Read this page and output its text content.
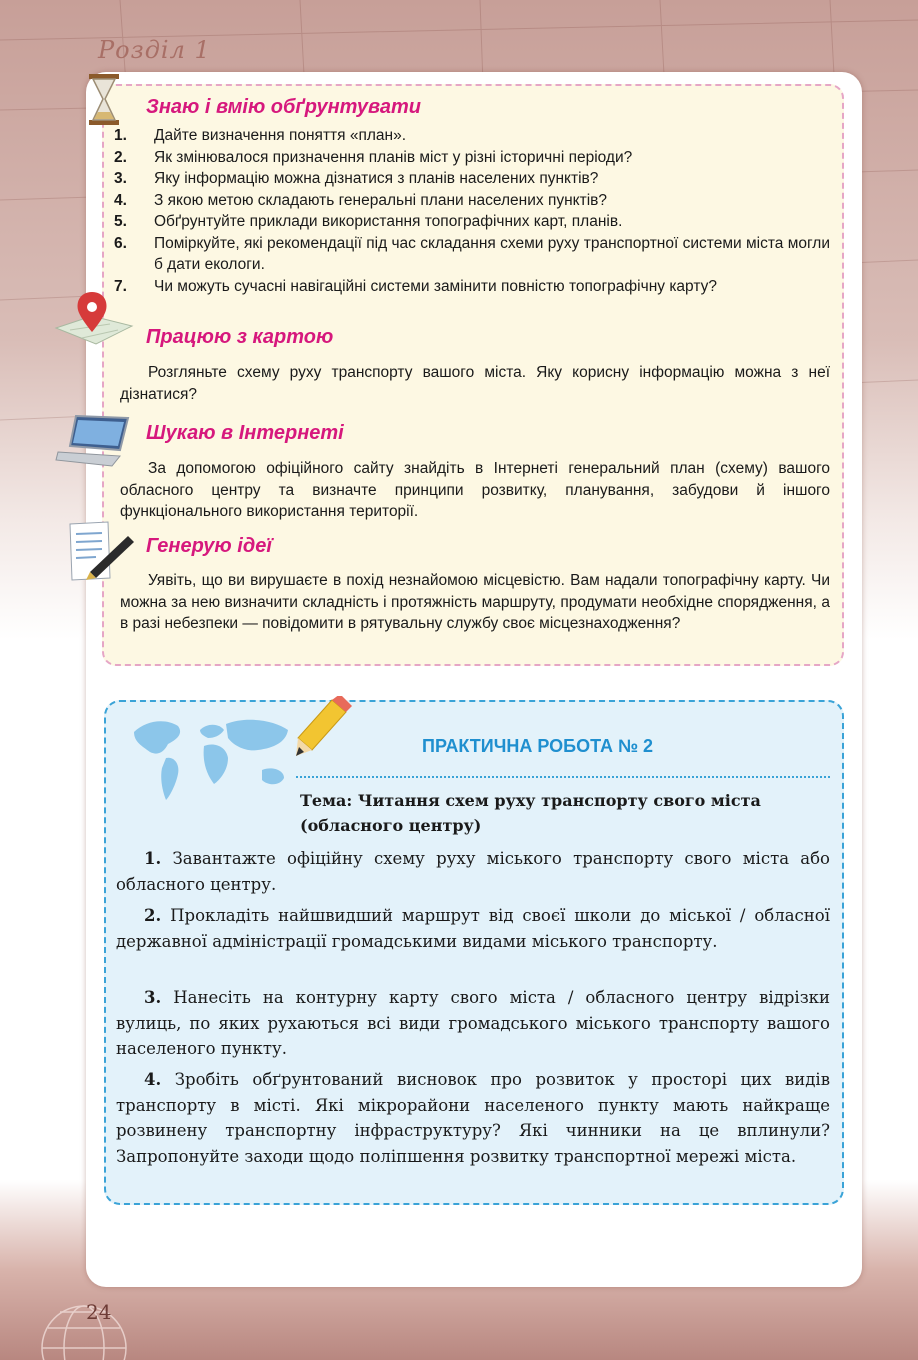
Розділ 1
Знаю і вмію обґрунтувати
1.	Дайте визначення поняття «план».
2.	Як змінювалося призначення планів міст у різні історичні періоди?
3.	Яку інформацію можна дізнатися з планів населених пунктів?
4.	З якою метою складають генеральні плани населених пунктів?
5.	Обґрунтуйте приклади використання топографічних карт, планів.
6.	Поміркуйте, які рекомендації під час складання схеми руху транспортної системи міста могли б дати екологи.
7.	Чи можуть сучасні навігаційні системи замінити повністю топографічну карту?
Працюю з картою
Розгляньте схему руху транспорту вашого міста. Яку корисну інформацію можна з неї дізнатися?
Шукаю в Інтернеті
За допомогою офіційного сайту знайдіть в Інтернеті генеральний план (схему) вашого обласного центру та визначте принципи розвитку, планування, забудови й іншого функціонального використання території.
Генерую ідеї
Уявіть, що ви вирушаєте в похід незнайомою місцевістю. Вам надали топографічну карту. Чи можна за нею визначити складність і протяжність маршруту, продумати необхідне спорядження, а в разі небезпеки — повідомити в рятувальну службу своє місцезнаходження?
ПРАКТИЧНА РОБОТА № 2
Тема: Читання схем руху транспорту свого міста (обласного центру)
1. Завантажте офіційну схему руху міського транспорту свого міста або обласного центру.
2. Прокладіть найшвидший маршрут від своєї школи до міської / обласної державної адміністрації громадськими видами міського транспорту.
3. Нанесіть на контурну карту свого міста / обласного центру відрізки вулиць, по яких рухаються всі види громадського міського транспорту вашого населеного пункту.
4. Зробіть обґрунтований висновок про розвиток у просторі цих видів транспорту в місті. Які мікрорайони населеного пункту мають найкраще розвинену транспортну інфраструктуру? Які чинники на це вплинули? Запропонуйте заходи щодо поліпшення розвитку транспортної мережі міста.
24
